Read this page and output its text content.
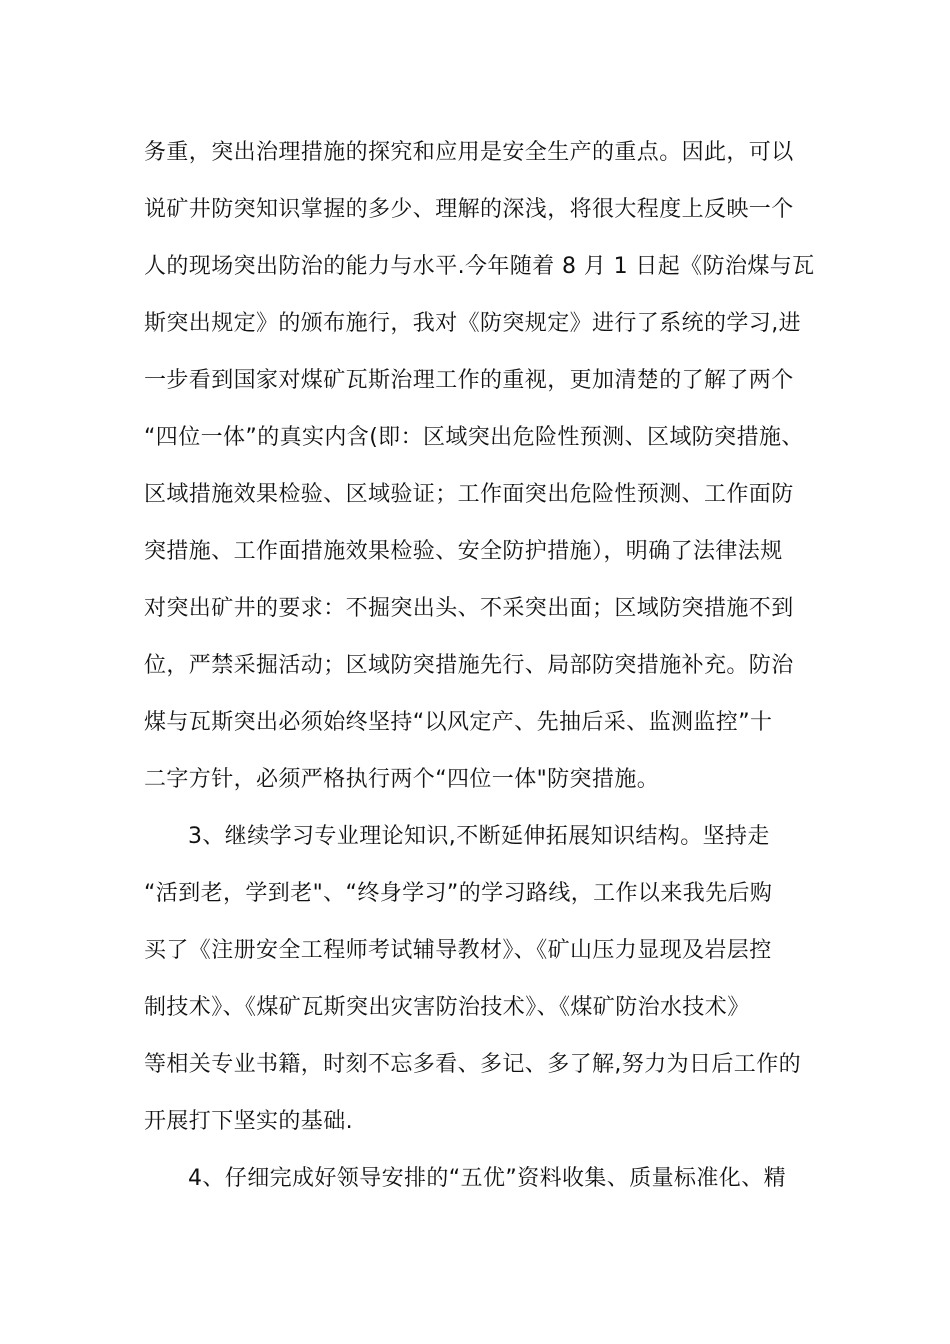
务重，突出治理措施的探究和应用是安全生产的重点。因此，可以
说矿井防突知识掌握的多少、理解的深浅，将很大程度上反映一个
人的现场突出防治的能力与水平.今年随着 8 月 1 日起《防治煤与瓦
斯突出规定》的颁布施行，我对《防突规定》进行了系统的学习,进
一步看到国家对煤矿瓦斯治理工作的重视，更加清楚的了解了两个
“四位一体”的真实内含(即：区域突出危险性预测、区域防突措施、
区域措施效果检验、区域验证；工作面突出危险性预测、工作面防
突措施、工作面措施效果检验、安全防护措施），明确了法律法规
对突出矿井的要求：不掘突出头、不采突出面；区域防突措施不到
位，严禁采掘活动；区域防突措施先行、局部防突措施补充。防治
煤与瓦斯突出必须始终坚持“以风定产、先抽后采、监测监控”十
二字方针，必须严格执行两个“四位一体"防突措施。
3、继续学习专业理论知识,不断延伸拓展知识结构。坚持走
“活到老，学到老"、“终身学习”的学习路线，工作以来我先后购
买了《注册安全工程师考试辅导教材》、《矿山压力显现及岩层控
制技术》、《煤矿瓦斯突出灾害防治技术》、《煤矿防治水技术》
等相关专业书籍，时刻不忘多看、多记、多了解,努力为日后工作的
开展打下坚实的基础.
4、仔细完成好领导安排的“五优”资料收集、质量标准化、精
